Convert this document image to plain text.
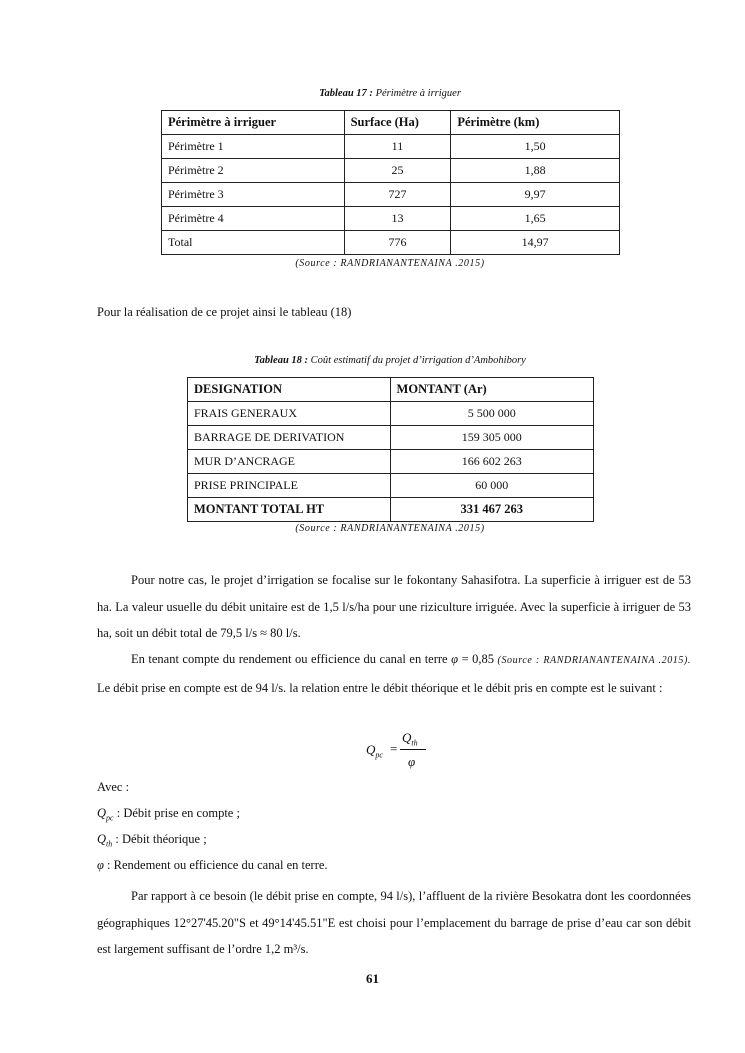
Tableau 17 : Périmètre à irriguer
Périmètre à irriguer	Surface (Ha)	Périmètre (km)
Périmètre 1	11	1,50
Périmètre 2	25	1,88
Périmètre 3	727	9,97
Périmètre 4	13	1,65
Total	776	14,97
(Source : RANDRIANANTENAINA .2015)
Pour la réalisation de ce projet ainsi le tableau (18)
Tableau 18 : Coût estimatif du projet d’irrigation d’Ambohibory
DESIGNATION	MONTANT (Ar)
FRAIS GENERAUX	5 500 000
BARRAGE DE DERIVATION	159 305 000
MUR D’ANCRAGE	166 602 263
PRISE PRINCIPALE	60 000
MONTANT TOTAL HT	331 467 263
(Source : RANDRIANANTENAINA .2015)

Pour notre cas, le projet d’irrigation se focalise sur le fokontany Sahasifotra. La superficie à irriguer est de 53 ha. La valeur usuelle du débit unitaire est de 1,5 l/s/ha pour une riziculture irriguée. Avec la superficie à irriguer de 53 ha, soit un débit total de 79,5 l/s ≈ 80 l/s.

En tenant compte du rendement ou efficience du canal en terre φ = 0,85 (Source : RANDRIANANTENAINA .2015). Le débit prise en compte est de 94 l/s. la relation entre le débit théorique et le débit pris en compte est le suivant :

$Q_{pc}$ =
$Q_{th}$
φ
Avec :
$Q_{pc}$ : Débit prise en compte ;
$Q_{th}$ : Débit théorique ;
φ : Rendement ou efficience du canal en terre.

Par rapport à ce besoin (le débit prise en compte, 94 l/s), l’affluent de la rivière Besokatra dont les coordonnées géographiques 12°27'45.20"S et 49°14'45.51"E est choisi pour l’emplacement du barrage de prise d’eau car son débit est largement suffisant de l’ordre 1,2 m³/s.

61
